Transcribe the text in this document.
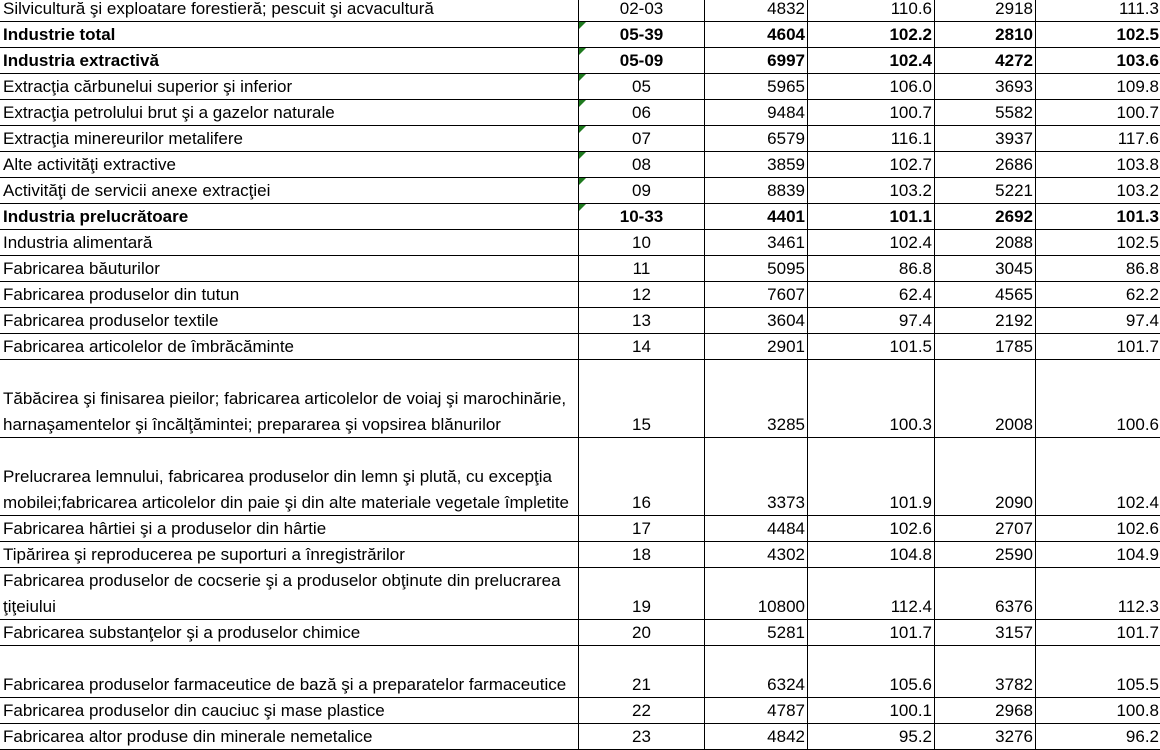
Silvicultură şi exploatare forestieră; pescuit şi acvacultură	02-03	4832	110.6	2918	111.3
Industrie total	05-39	4604	102.2	2810	102.5
Industria extractivă	05-09	6997	102.4	4272	103.6
Extracţia cărbunelui superior şi inferior	05	5965	106.0	3693	109.8
Extracţia petrolului brut şi a gazelor naturale	06	9484	100.7	5582	100.7
Extracţia minereurilor metalifere	07	6579	116.1	3937	117.6
Alte activităţi extractive	08	3859	102.7	2686	103.8
Activităţi de servicii anexe extracţiei	09	8839	103.2	5221	103.2
Industria prelucrătoare	10-33	4401	101.1	2692	101.3
Industria alimentară	10	3461	102.4	2088	102.5
Fabricarea băuturilor	11	5095	86.8	3045	86.8
Fabricarea produselor din tutun	12	7607	62.4	4565	62.2
Fabricarea produselor textile	13	3604	97.4	2192	97.4
Fabricarea articolelor de îmbrăcăminte	14	2901	101.5	1785	101.7
Tăbăcirea şi finisarea pieilor; fabricarea articolelor de voiaj şi marochinărie, harnaşamentelor şi încălţămintei; prepararea şi vopsirea blănurilor	15	3285	100.3	2008	100.6
Prelucrarea lemnului, fabricarea produselor din lemn şi plută, cu excepţia mobilei;fabricarea articolelor din paie şi din alte materiale vegetale împletite	16	3373	101.9	2090	102.4
Fabricarea hârtiei şi a produselor din hârtie	17	4484	102.6	2707	102.6
Tipărirea şi reproducerea pe suporturi a înregistrărilor	18	4302	104.8	2590	104.9
Fabricarea produselor de cocserie şi a produselor obţinute din prelucrarea ţiţeiului	19	10800	112.4	6376	112.3
Fabricarea substanţelor şi a produselor chimice	20	5281	101.7	3157	101.7
Fabricarea produselor farmaceutice de bază şi a preparatelor farmaceutice	21	6324	105.6	3782	105.5
Fabricarea produselor din cauciuc şi mase plastice	22	4787	100.1	2968	100.8
Fabricarea altor produse din minerale nemetalice	23	4842	95.2	3276	96.2
